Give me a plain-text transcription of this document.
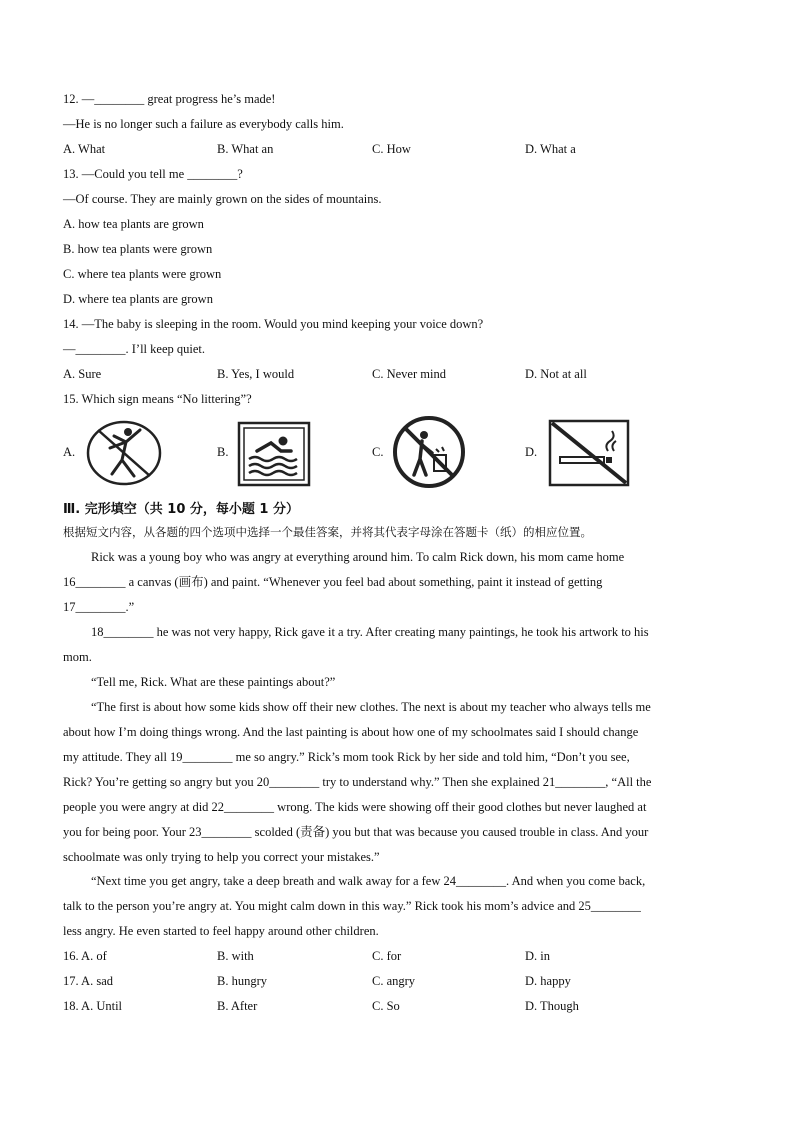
12. —________ great progress he’s made!
—He is no longer such a failure as everybody calls him.
A. What	B. What an	C. How	D. What a
13. —Could you tell me ________?
—Of course. They are mainly grown on the sides of mountains.
A. how tea plants are grown
B. how tea plants were grown
C. where tea plants were grown
D. where tea plants are grown
14. —The baby is sleeping in the room. Would you mind keeping your voice down?
—________. I’ll keep quiet.
A. Sure	B. Yes, I would	C. Never mind	D. Not at all
15. Which sign means “No littering”?
A.	B.	C.	D.
Ⅲ. 完形填空（共 10 分，每小题 1 分）
根据短文内容，从各题的四个选项中选择一个最佳答案，并将其代表字母涂在答题卡（纸）的相应位置。
Rick was a young boy who was angry at everything around him. To calm Rick down, his mom came home
16________ a canvas (画布) and paint. “Whenever you feel bad about something, paint it instead of getting
17________.”
18________ he was not very happy, Rick gave it a try. After creating many paintings, he took his artwork to his
mom.
“Tell me, Rick. What are these paintings about?”
“The first is about how some kids show off their new clothes. The next is about my teacher who always tells me
about how I’m doing things wrong. And the last painting is about how one of my schoolmates said I should change
my attitude. They all 19________ me so angry.” Rick’s mom took Rick by her side and told him, “Don’t you see,
Rick? You’re getting so angry but you 20________ try to understand why.” Then she explained 21________, “All the
people you were angry at did 22________ wrong. The kids were showing off their good clothes but never laughed at
you for being poor. Your 23________ scolded (责备) you but that was because you caused trouble in class. And your
schoolmate was only trying to help you correct your mistakes.”
“Next time you get angry, take a deep breath and walk away for a few 24________. And when you come back,
talk to the person you’re angry at. You might calm down in this way.” Rick took his mom’s advice and 25________
less angry. He even started to feel happy around other children.
16. A. of	B. with	C. for	D. in
17. A. sad	B. hungry	C. angry	D. happy
18. A. Until	B. After	C. So	D. Though
